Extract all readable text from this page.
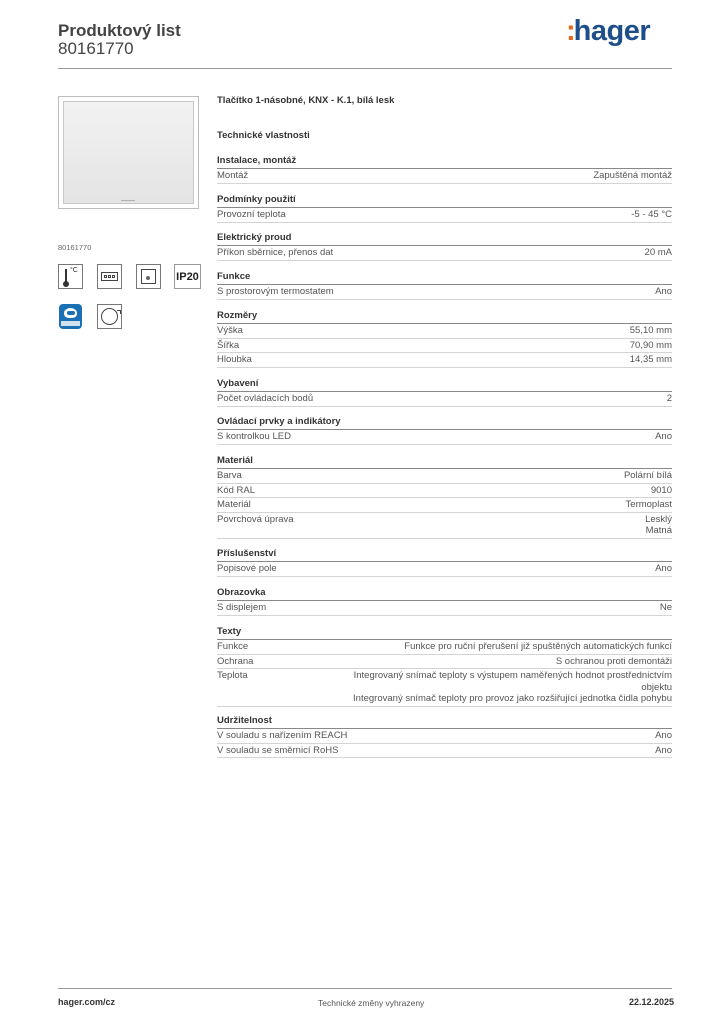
Produktový list
80161770
:hager
80161770
°C
IP20
Tlačítko 1-násobné, KNX - K.1, bílá lesk
Technické vlastnosti
Instalace, montáž
Montáž	Zapuštěná montáž
Podmínky použití
Provozní teplota	-5 - 45 °C
Elektrický proud
Příkon sběrnice, přenos dat	20 mA
Funkce
S prostorovým termostatem	Ano
Rozměry
Výška	55,10 mm
Šířka	70,90 mm
Hloubka	14,35 mm
Vybavení
Počet ovládacích bodů	2
Ovládací prvky a indikátory
S kontrolkou LED	Ano
Materiál
Barva	Polární bílá
Kód RAL	9010
Materiál	Termoplast
Povrchová úprava	Lesklý
Matná
Příslušenství
Popisové pole	Ano
Obrazovka
S displejem	Ne
Texty
Funkce	Funkce pro ruční přerušení již spuštěných automatických funkcí
Ochrana	S ochranou proti demontáži
Teplota	Integrovaný snímač teploty s výstupem naměřených hodnot prostřednictvím
objektu
Integrovaný snímač teploty pro provoz jako rozšiřující jednotka čidla pohybu
Udržitelnost
V souladu s nařízením REACH	Ano
V souladu se směrnicí RoHS	Ano
hager.com/cz	Technické změny vyhrazeny	22.12.2025
